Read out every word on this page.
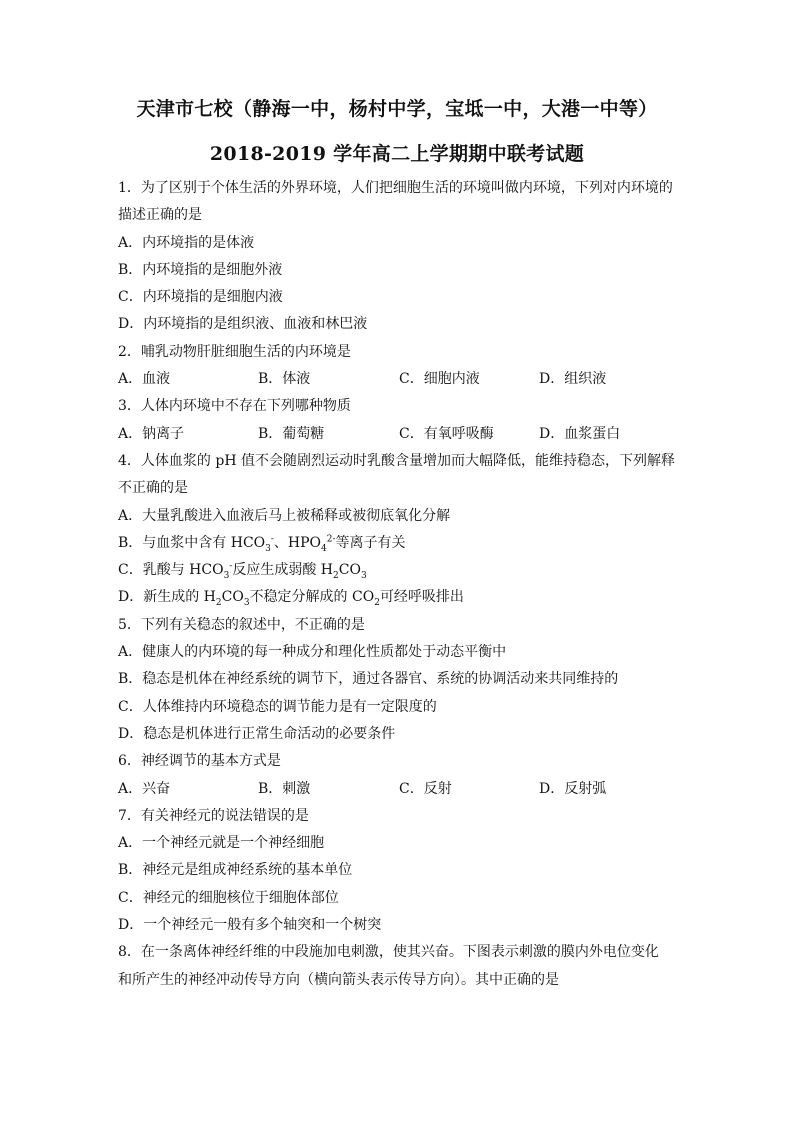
天津市七校（静海一中，杨村中学，宝坻一中，大港一中等）
2018-2019 学年高二上学期期中联考试题
1．为了区别于个体生活的外界环境，人们把细胞生活的环境叫做内环境，下列对内环境的
描述正确的是
A．内环境指的是体液
B．内环境指的是细胞外液
C．内环境指的是细胞内液
D．内环境指的是组织液、血液和林巴液
2．哺乳动物肝脏细胞生活的内环境是
A．血液	B．体液	C．细胞内液	D．组织液
3．人体内环境中不存在下列哪种物质
A．钠离子	B．葡萄糖	C．有氧呼吸酶	D．血浆蛋白
4．人体血浆的 pH 值不会随剧烈运动时乳酸含量增加而大幅降低，能维持稳态，下列解释
不正确的是
A．大量乳酸进入血液后马上被稀释或被彻底氧化分解
B．与血浆中含有 $HCO_3^-$、$HPO_4^{2-}$等离子有关
C．乳酸与 $HCO_3^-$反应生成弱酸 $H_2CO_3$
D．新生成的 $H_2CO_3$不稳定分解成的 $CO_2$可经呼吸排出
5．下列有关稳态的叙述中，不正确的是
A．健康人的内环境的每一种成分和理化性质都处于动态平衡中
B．稳态是机体在神经系统的调节下，通过各器官、系统的协调活动来共同维持的
C．人体维持内环境稳态的调节能力是有一定限度的
D．稳态是机体进行正常生命活动的必要条件
6．神经调节的基本方式是
A．兴奋	B．刺激	C．反射	D．反射弧
7．有关神经元的说法错误的是
A．一个神经元就是一个神经细胞
B．神经元是组成神经系统的基本单位
C．神经元的细胞核位于细胞体部位
D．一个神经元一般有多个轴突和一个树突
8．在一条离体神经纤维的中段施加电刺激，使其兴奋。下图表示刺激的膜内外电位变化
和所产生的神经冲动传导方向（横向箭头表示传导方向）。其中正确的是
